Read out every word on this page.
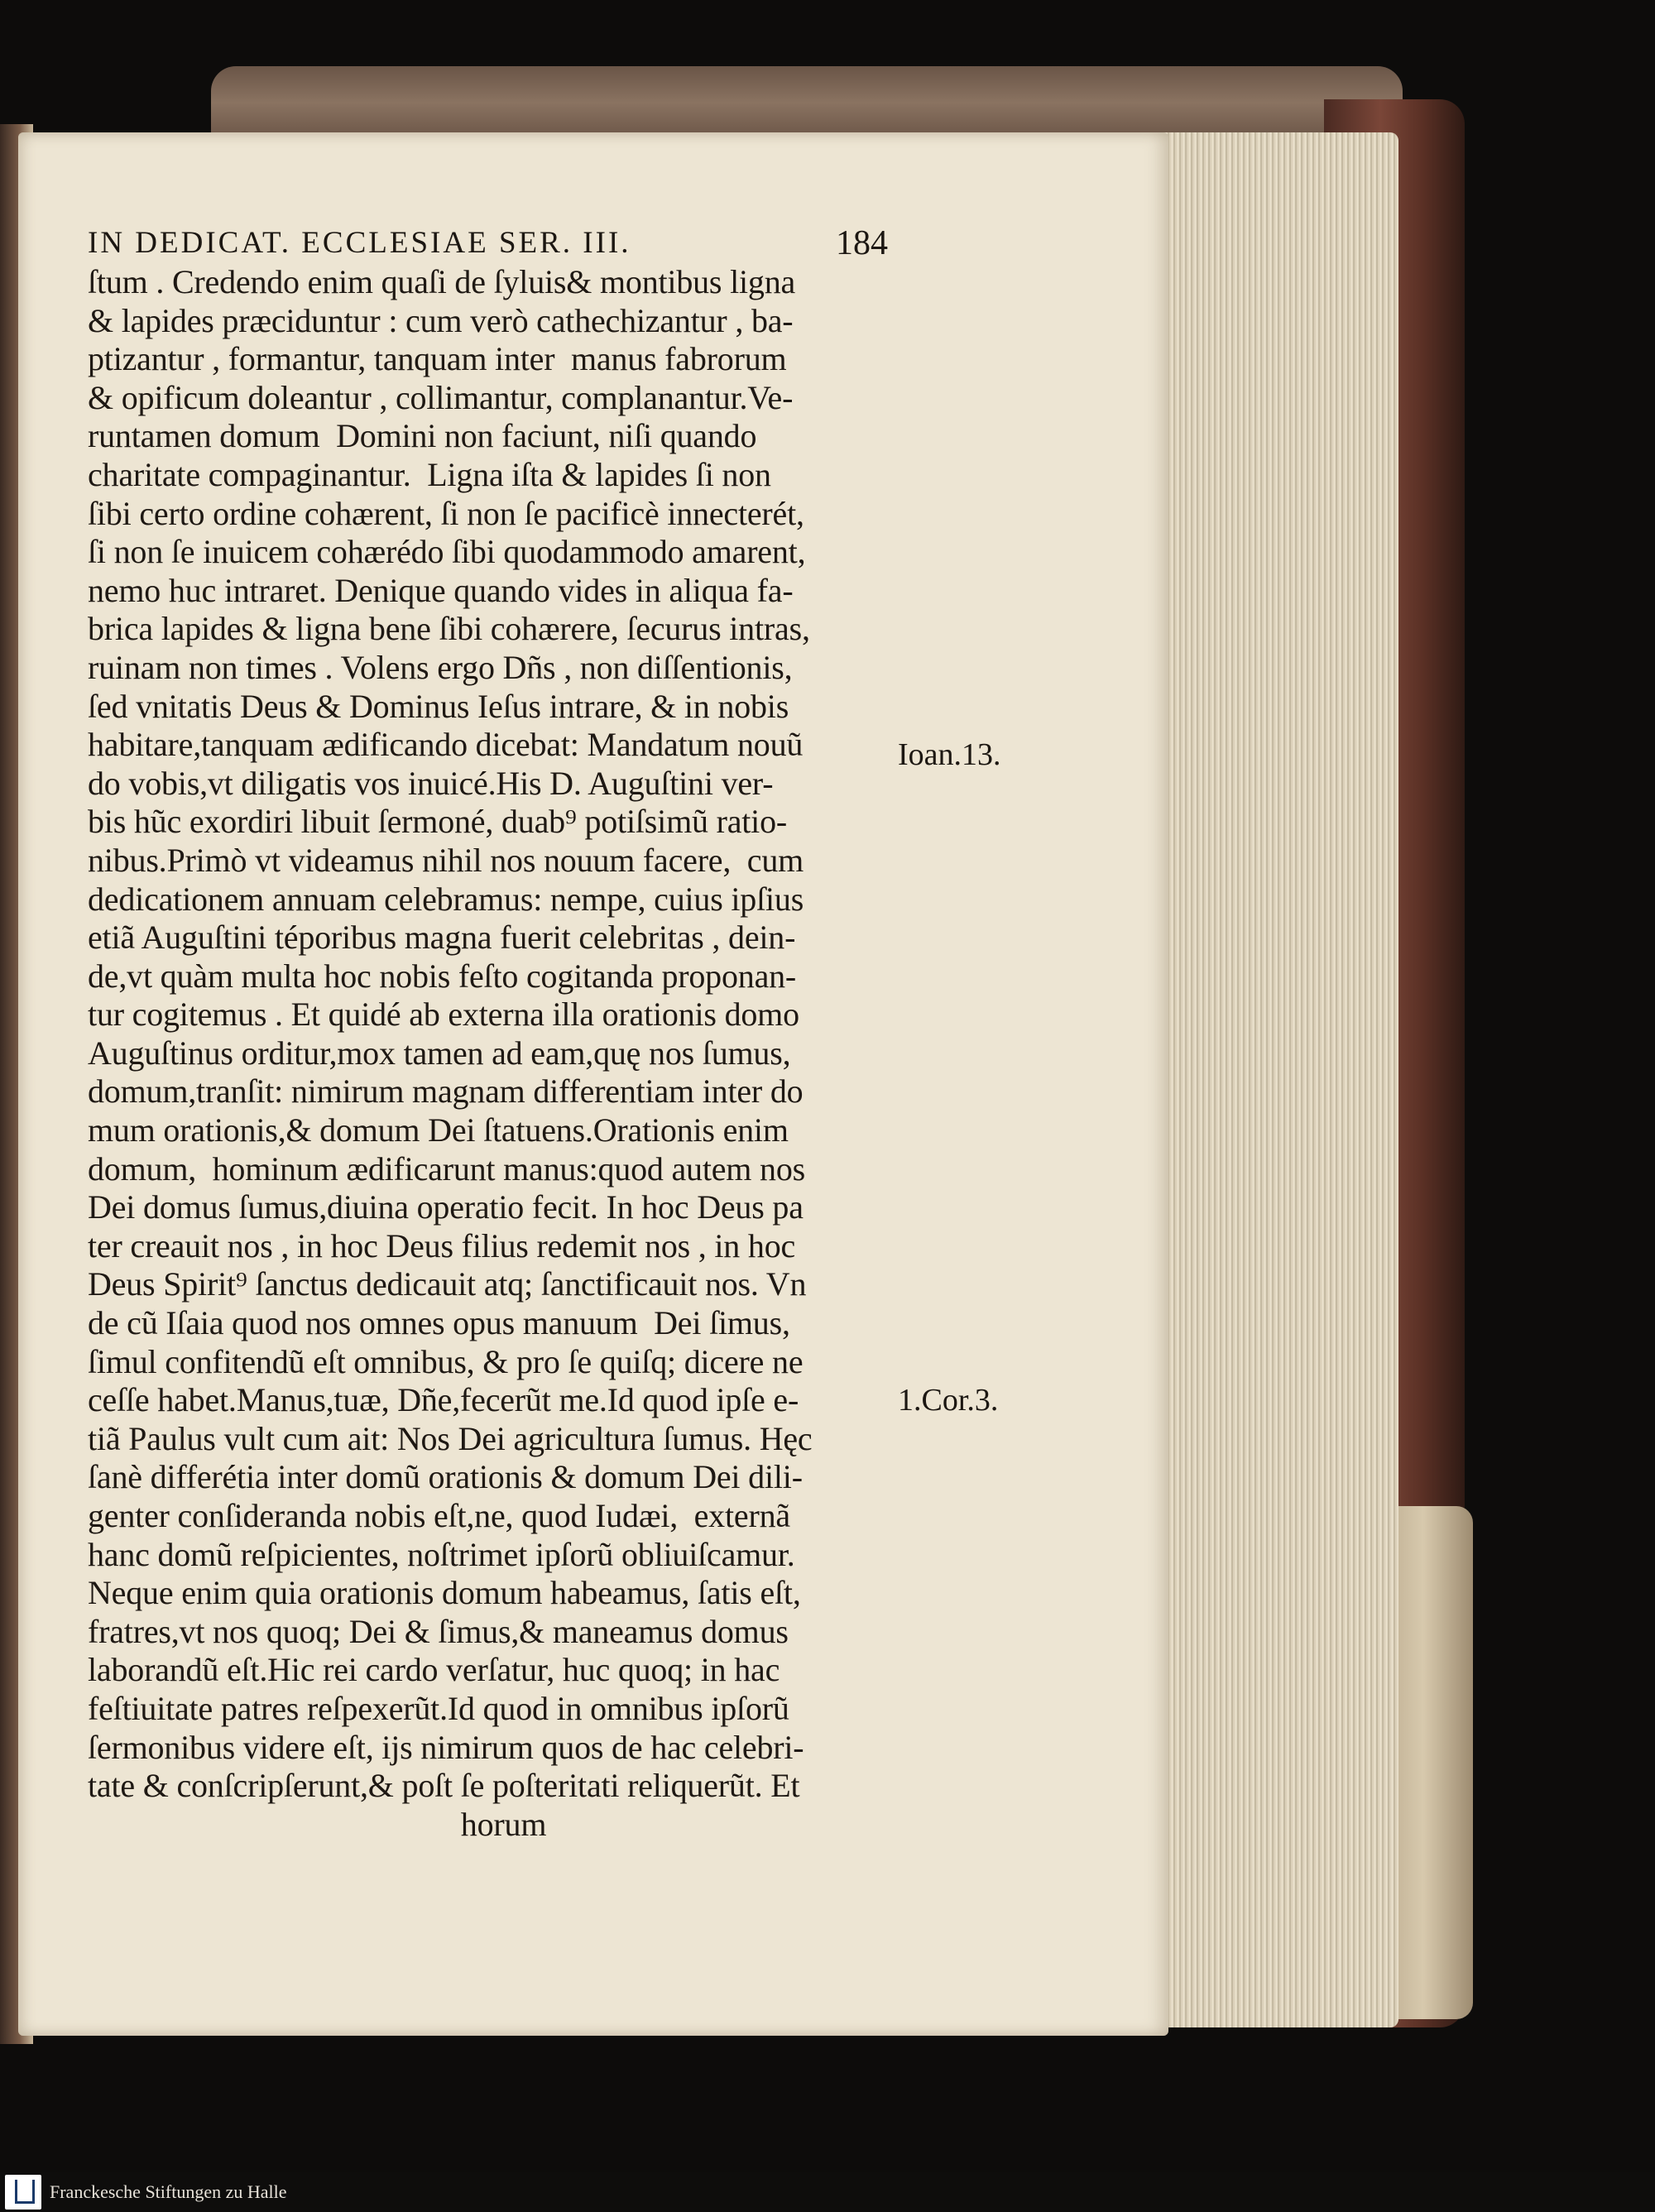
IN DEDICAT. ECCLESIAE SER. III.	184
ſtum . Credendo enim quaſi de ſyluis& montibus ligna
& lapides præciduntur : cum verò cathechizantur , ba-
ptizantur , formantur, tanquam inter  manus fabrorum
& opificum doleantur , collimantur, complanantur.Ve-
runtamen domum  Domini non faciunt, niſi quando
charitate compaginantur.  Ligna iſta & lapides ſi non
ſibi certo ordine cohærent, ſi non ſe pacificè innecterét,
ſi non ſe inuicem cohærédo ſibi quodammodo amarent,
nemo huc intraret. Denique quando vides in aliqua fa-
brica lapides & ligna bene ſibi cohærere, ſecurus intras,
ruinam non times . Volens ergo Dñs , non diſſentionis,
ſed vnitatis Deus & Dominus Ieſus intrare, & in nobis
habitare,tanquam ædificando dicebat: Mandatum nouũ
do vobis,vt diligatis vos inuicé.His D. Auguſtini ver-
bis hũc exordiri libuit ſermoné, duab⁹ potiſsimũ ratio-
nibus.Primò vt videamus nihil nos nouum facere,  cum
dedicationem annuam celebramus: nempe, cuius ipſius
etiã Auguſtini téporibus magna fuerit celebritas , dein-
de,vt quàm multa hoc nobis feſto cogitanda proponan-
tur cogitemus . Et quidé ab externa illa orationis domo
Auguſtinus orditur,mox tamen ad eam,quę nos ſumus,
domum,tranſit: nimirum magnam differentiam inter do
mum orationis,& domum Dei ſtatuens.Orationis enim
domum,  hominum ædificarunt manus:quod autem nos
Dei domus ſumus,diuina operatio fecit. In hoc Deus pa
ter creauit nos , in hoc Deus filius redemit nos , in hoc
Deus Spirit⁹ ſanctus dedicauit atq; ſanctificauit nos. Vn
de cũ Iſaia quod nos omnes opus manuum  Dei ſimus,
ſimul confitendũ eſt omnibus, & pro ſe quiſq; dicere ne
ceſſe habet.Manus,tuæ, Dñe,fecerũt me.Id quod ipſe e-
tiã Paulus vult cum ait: Nos Dei agricultura ſumus. Hęc
ſanè differétia inter domũ orationis & domum Dei dili-
genter conſideranda nobis eſt,ne, quod Iudæi,  externã
hanc domũ reſpicientes, noſtrimet ipſorũ obliuiſcamur.
Neque enim quia orationis domum habeamus, ſatis eſt,
fratres,vt nos quoq; Dei & ſimus,& maneamus domus
laborandũ eſt.Hic rei cardo verſatur, huc quoq; in hac
feſtiuitate patres reſpexerũt.Id quod in omnibus ipſorũ
ſermonibus videre eſt, ijs nimirum quos de hac celebri-
tate & conſcripſerunt,& poſt ſe poſteritati reliquerũt. Et
horum
Ioan.13.
1.Cor.3.
Franckesche Stiftungen zu Halle
